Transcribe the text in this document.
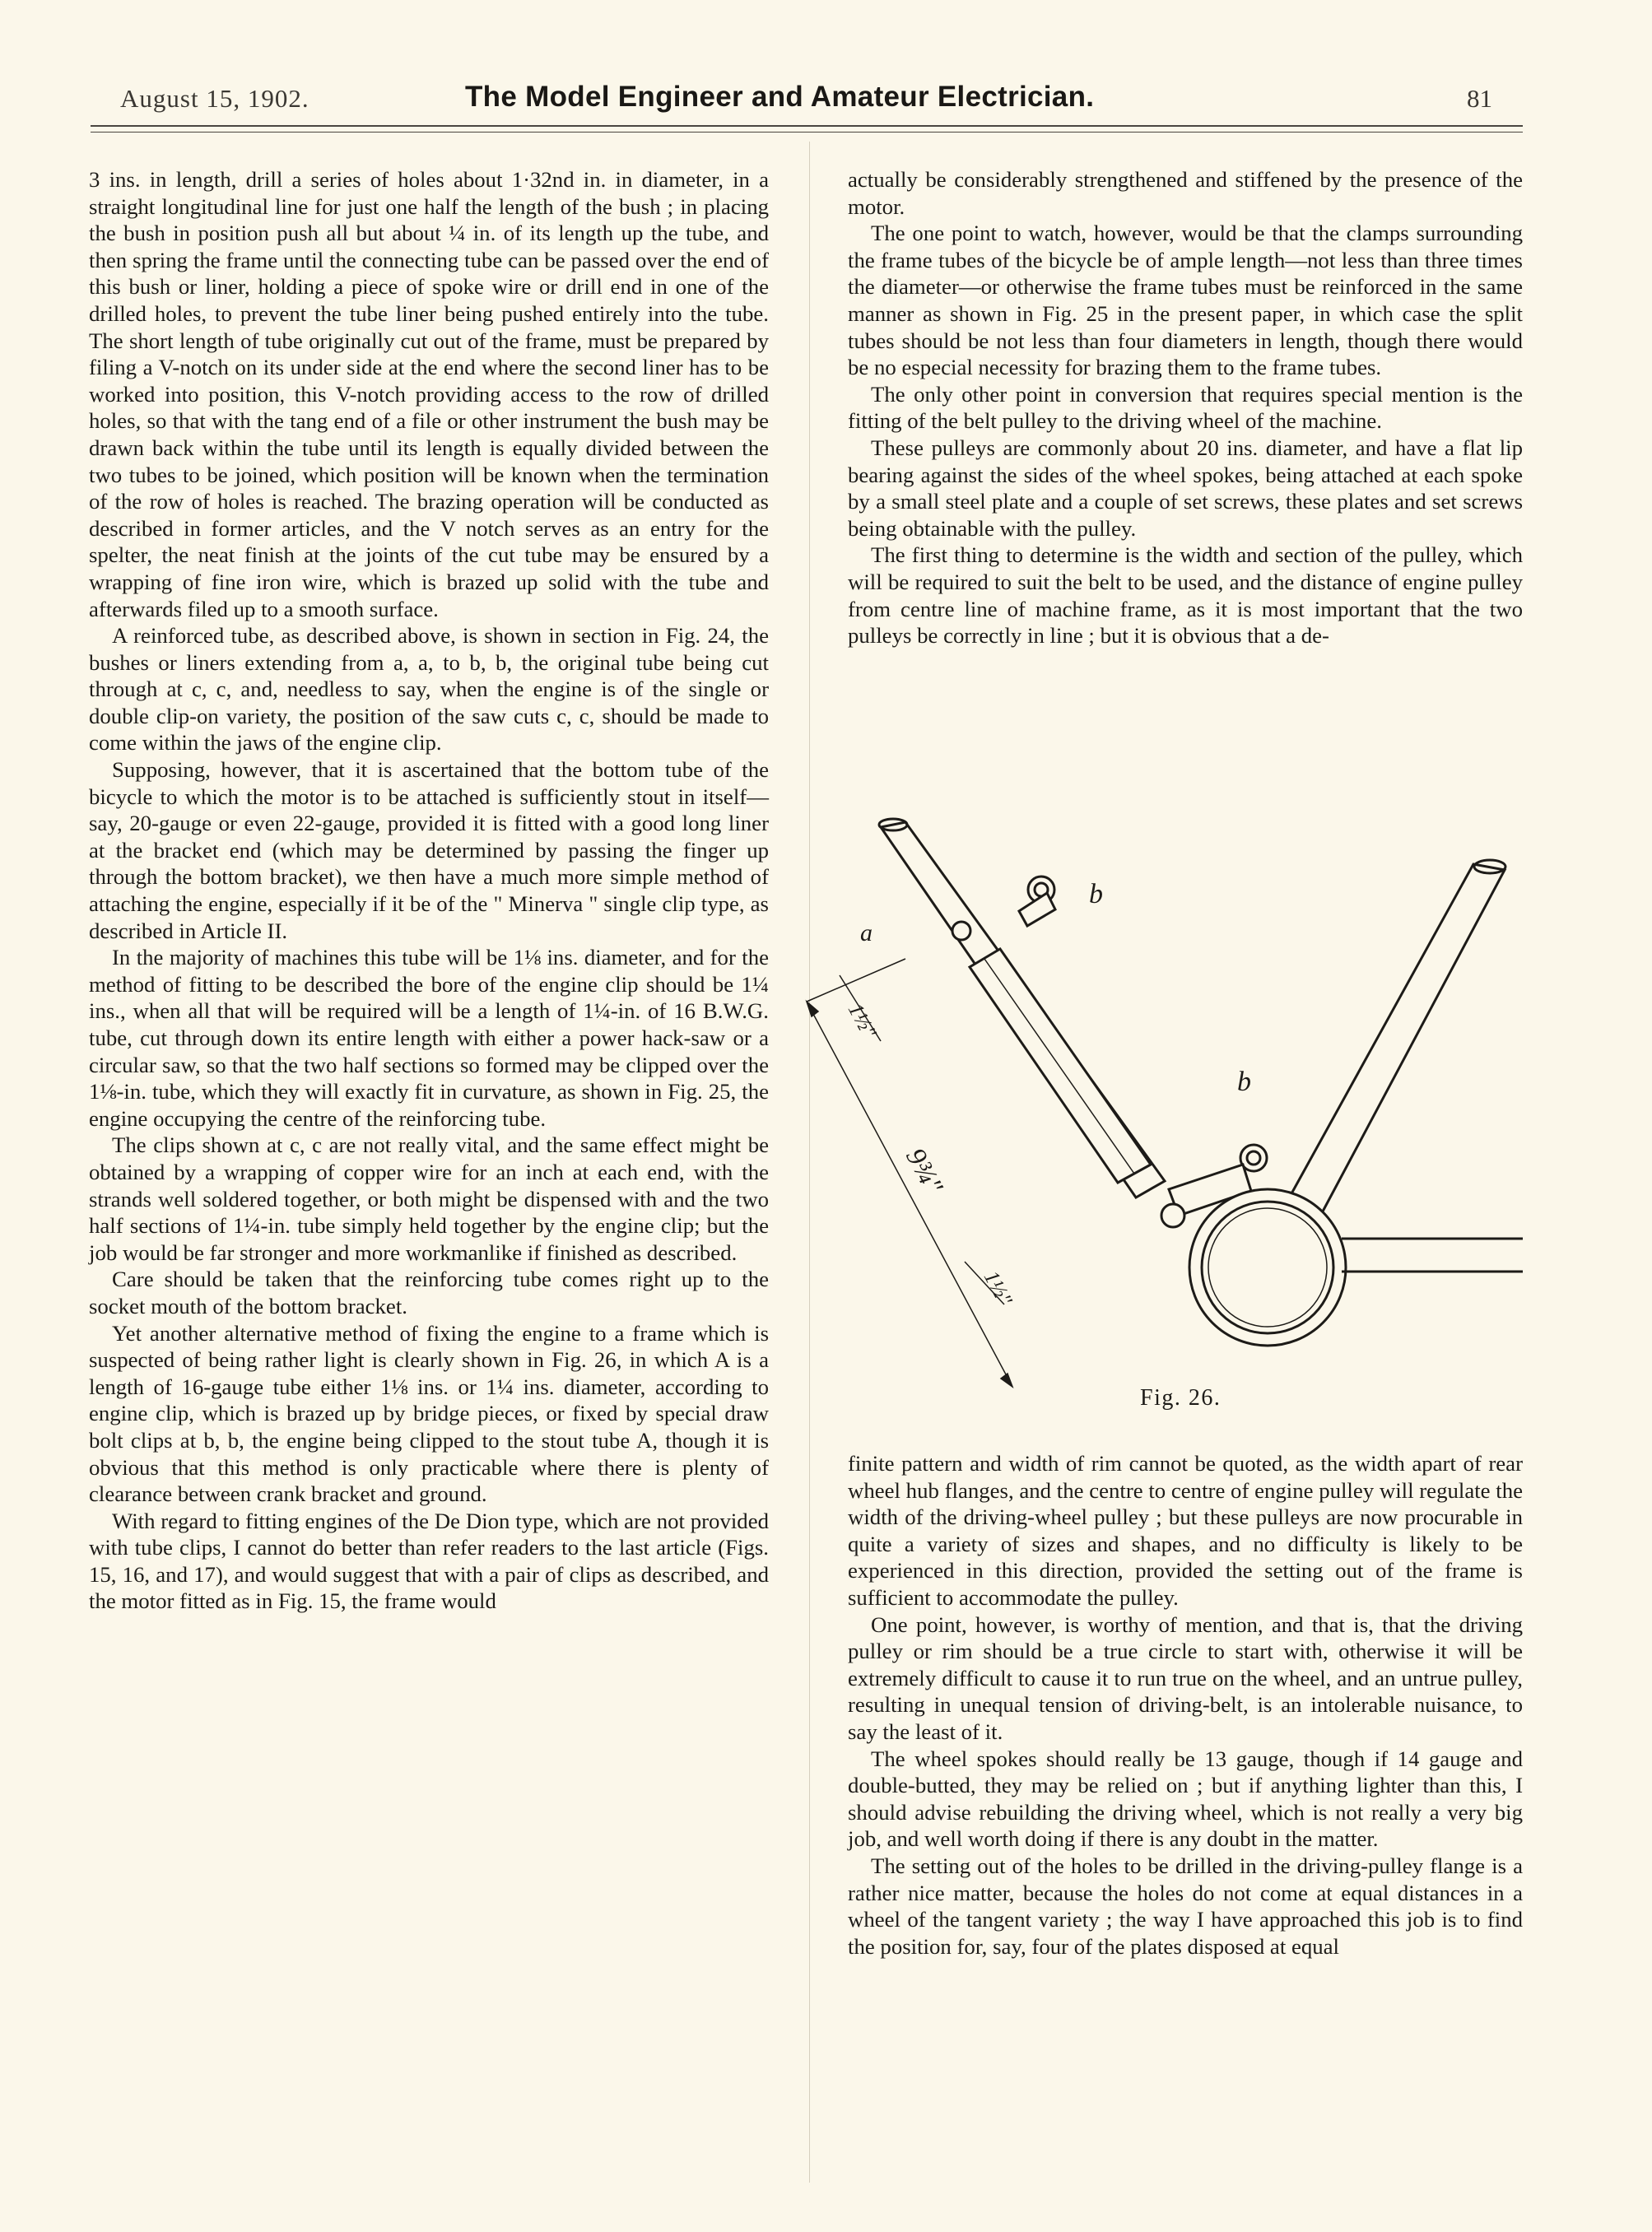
August 15, 1902.	The Model Engineer and Amateur Electrician.	81

3 ins. in length, drill a series of holes about 1·32nd in. in diameter, in a straight longitudinal line for just one half the length of the bush ; in placing the bush in position push all but about ¼ in. of its length up the tube, and then spring the frame until the connecting tube can be passed over the end of this bush or liner, holding a piece of spoke wire or drill end in one of the drilled holes, to prevent the tube liner being pushed entirely into the tube. The short length of tube originally cut out of the frame, must be prepared by filing a V-notch on its under side at the end where the second liner has to be worked into position, this V-notch providing access to the row of drilled holes, so that with the tang end of a file or other instrument the bush may be drawn back within the tube until its length is equally divided between the two tubes to be joined, which position will be known when the termination of the row of holes is reached. The brazing operation will be conducted as described in former articles, and the V notch serves as an entry for the spelter, the neat finish at the joints of the cut tube may be ensured by a wrapping of fine iron wire, which is brazed up solid with the tube and afterwards filed up to a smooth surface.

A reinforced tube, as described above, is shown in section in Fig. 24, the bushes or liners extending from a, a, to b, b, the original tube being cut through at c, c, and, needless to say, when the engine is of the single or double clip-on variety, the position of the saw cuts c, c, should be made to come within the jaws of the engine clip.

Supposing, however, that it is ascertained that the bottom tube of the bicycle to which the motor is to be attached is sufficiently stout in itself—say, 20-gauge or even 22-gauge, provided it is fitted with a good long liner at the bracket end (which may be determined by passing the finger up through the bottom bracket), we then have a much more simple method of attaching the engine, especially if it be of the " Minerva " single clip type, as described in Article II.

In the majority of machines this tube will be 1⅛ ins. diameter, and for the method of fitting to be described the bore of the engine clip should be 1¼ ins., when all that will be required will be a length of 1¼-in. of 16 B.W.G. tube, cut through down its entire length with either a power hack-saw or a circular saw, so that the two half sections so formed may be clipped over the 1⅛-in. tube, which they will exactly fit in curvature, as shown in Fig. 25, the engine occupying the centre of the reinforcing tube.

The clips shown at c, c are not really vital, and the same effect might be obtained by a wrapping of copper wire for an inch at each end, with the strands well soldered together, or both might be dispensed with and the two half sections of 1¼-in. tube simply held together by the engine clip; but the job would be far stronger and more workmanlike if finished as described.

Care should be taken that the reinforcing tube comes right up to the socket mouth of the bottom bracket.

Yet another alternative method of fixing the engine to a frame which is suspected of being rather light is clearly shown in Fig. 26, in which A is a length of 16-gauge tube either 1⅛ ins. or 1¼ ins. diameter, according to engine clip, which is brazed up by bridge pieces, or fixed by special draw bolt clips at b, b, the engine being clipped to the stout tube A, though it is obvious that this method is only practicable where there is plenty of clearance between crank bracket and ground.

With regard to fitting engines of the De Dion type, which are not provided with tube clips, I cannot do better than refer readers to the last article (Figs. 15, 16, and 17), and would suggest that with a pair of clips as described, and the motor fitted as in Fig. 15, the frame would

actually be considerably strengthened and stiffened by the presence of the motor.

The one point to watch, however, would be that the clamps surrounding the frame tubes of the bicycle be of ample length—not less than three times the diameter—or otherwise the frame tubes must be reinforced in the same manner as shown in Fig. 25 in the present paper, in which case the split tubes should be not less than four diameters in length, though there would be no especial necessity for brazing them to the frame tubes.

The only other point in conversion that requires special mention is the fitting of the belt pulley to the driving wheel of the machine.

These pulleys are commonly about 20 ins. diameter, and have a flat lip bearing against the sides of the wheel spokes, being attached at each spoke by a small steel plate and a couple of set screws, these plates and set screws being obtainable with the pulley.

The first thing to determine is the width and section of the pulley, which will be required to suit the belt to be used, and the distance of engine pulley from centre line of machine frame, as it is most important that the two pulleys be correctly in line ; but it is obvious that a de-

a
b
b
1½"
9¾"
1½"
Fig. 26.

finite pattern and width of rim cannot be quoted, as the width apart of rear wheel hub flanges, and the centre to centre of engine pulley will regulate the width of the driving-wheel pulley ; but these pulleys are now procurable in quite a variety of sizes and shapes, and no difficulty is likely to be experienced in this direction, provided the setting out of the frame is sufficient to accommodate the pulley.

One point, however, is worthy of mention, and that is, that the driving pulley or rim should be a true circle to start with, otherwise it will be extremely difficult to cause it to run true on the wheel, and an untrue pulley, resulting in unequal tension of driving-belt, is an intolerable nuisance, to say the least of it.

The wheel spokes should really be 13 gauge, though if 14 gauge and double-butted, they may be relied on ; but if anything lighter than this, I should advise rebuilding the driving wheel, which is not really a very big job, and well worth doing if there is any doubt in the matter.

The setting out of the holes to be drilled in the driving-pulley flange is a rather nice matter, because the holes do not come at equal distances in a wheel of the tangent variety ; the way I have approached this job is to find the position for, say, four of the plates disposed at equal
